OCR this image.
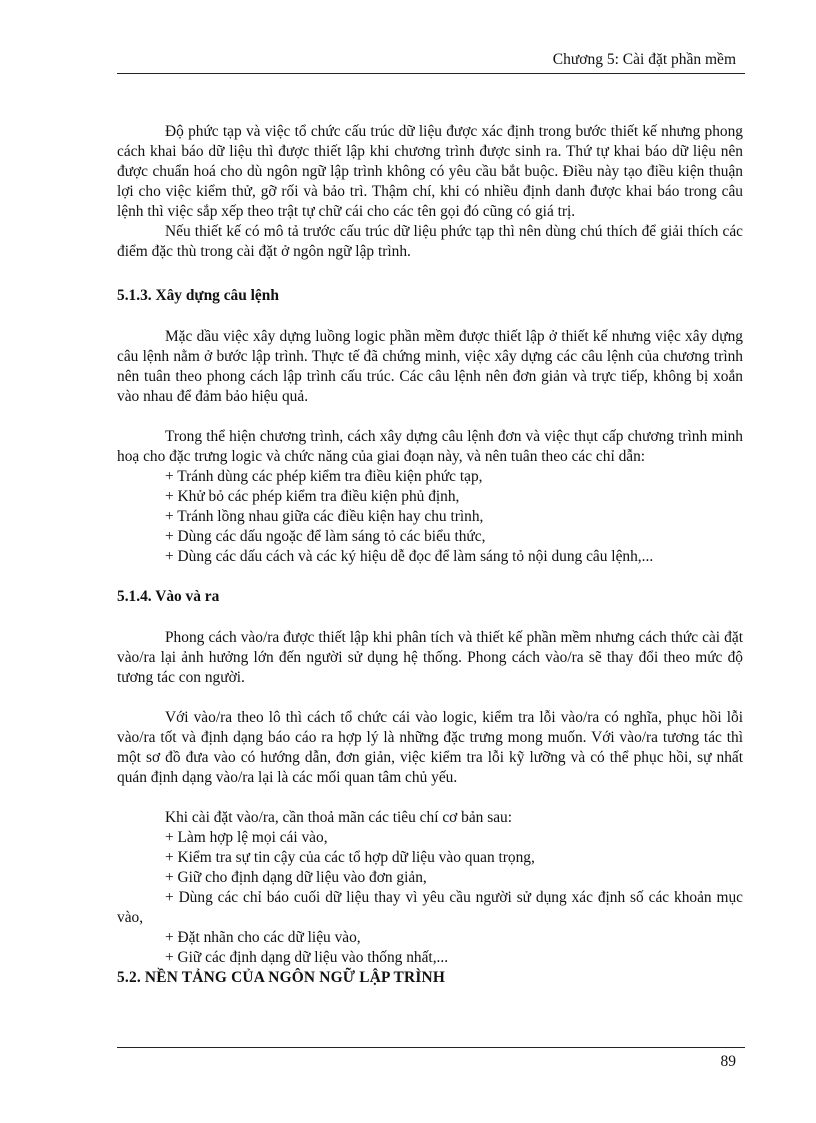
Chương 5: Cài đặt phần mềm

Độ phức tạp và việc tổ chức cấu trúc dữ liệu được xác định trong bước thiết kế nhưng phong cách khai báo dữ liệu thì được thiết lập khi chương trình được sinh ra. Thứ tự khai báo dữ liệu nên được chuẩn hoá cho dù ngôn ngữ lập trình không có yêu cầu bắt buộc. Điều này tạo điều kiện thuận lợi cho việc kiểm thử, gỡ rối và bảo trì. Thậm chí, khi có nhiều định danh được khai báo trong câu lệnh thì việc sắp xếp theo trật tự chữ cái cho các tên gọi đó cũng có giá trị.

Nếu thiết kế có mô tả trước cấu trúc dữ liệu phức tạp thì nên dùng chú thích để giải thích các điểm đặc thù trong cài đặt ở ngôn ngữ lập trình.

5.1.3. Xây dựng câu lệnh

Mặc dầu việc xây dựng luồng logic phần mềm được thiết lập ở thiết kế nhưng việc xây dựng câu lệnh nằm ở bước lập trình. Thực tế đã chứng minh, việc xây dựng các câu lệnh của chương trình nên tuân theo phong cách lập trình cấu trúc. Các câu lệnh nên đơn giản và trực tiếp, không bị xoắn vào nhau để đảm bảo hiệu quả.

Trong thể hiện chương trình, cách xây dựng câu lệnh đơn và việc thụt cấp chương trình minh hoạ cho đặc trưng logic và chức năng của giai đoạn này, và nên tuân theo các chỉ dẫn:

+ Tránh dùng các phép kiểm tra điều kiện phức tạp,

+ Khử bỏ các phép kiểm tra điều kiện phủ định,

+ Tránh lồng nhau giữa các điều kiện hay chu trình,

+ Dùng các dấu ngoặc để làm sáng tỏ các biểu thức,

+ Dùng các dấu cách và các ký hiệu dễ đọc để làm sáng tỏ nội dung câu lệnh,...

5.1.4. Vào và ra

Phong cách vào/ra được thiết lập khi phân tích và thiết kế phần mềm nhưng cách thức cài đặt vào/ra lại ảnh hưởng lớn đến người sử dụng hệ thống. Phong cách vào/ra sẽ thay đổi theo mức độ tương tác con người.

Với vào/ra theo lô thì cách tổ chức cái vào logic, kiểm tra lỗi vào/ra có nghĩa, phục hồi lỗi vào/ra tốt và định dạng báo cáo ra hợp lý là những đặc trưng mong muốn. Với vào/ra tương tác thì một sơ đồ đưa vào có hướng dẫn, đơn giản, việc kiểm tra lỗi kỹ lưỡng và có thể phục hồi, sự nhất quán định dạng vào/ra lại là các mối quan tâm chủ yếu.

Khi cài đặt vào/ra, cần thoả mãn các tiêu chí cơ bản sau:

+ Làm hợp lệ mọi cái vào,

+ Kiểm tra sự tin cậy của các tổ hợp dữ liệu vào quan trọng,

+ Giữ cho định dạng dữ liệu vào đơn giản,

+ Dùng các chỉ báo cuối dữ liệu thay vì yêu cầu người sử dụng xác định số các khoản mục vào,

+ Đặt nhãn cho các dữ liệu vào,

+ Giữ các định dạng dữ liệu vào thống nhất,...

5.2. NỀN TẢNG CỦA NGÔN NGỮ LẬP TRÌNH

89
